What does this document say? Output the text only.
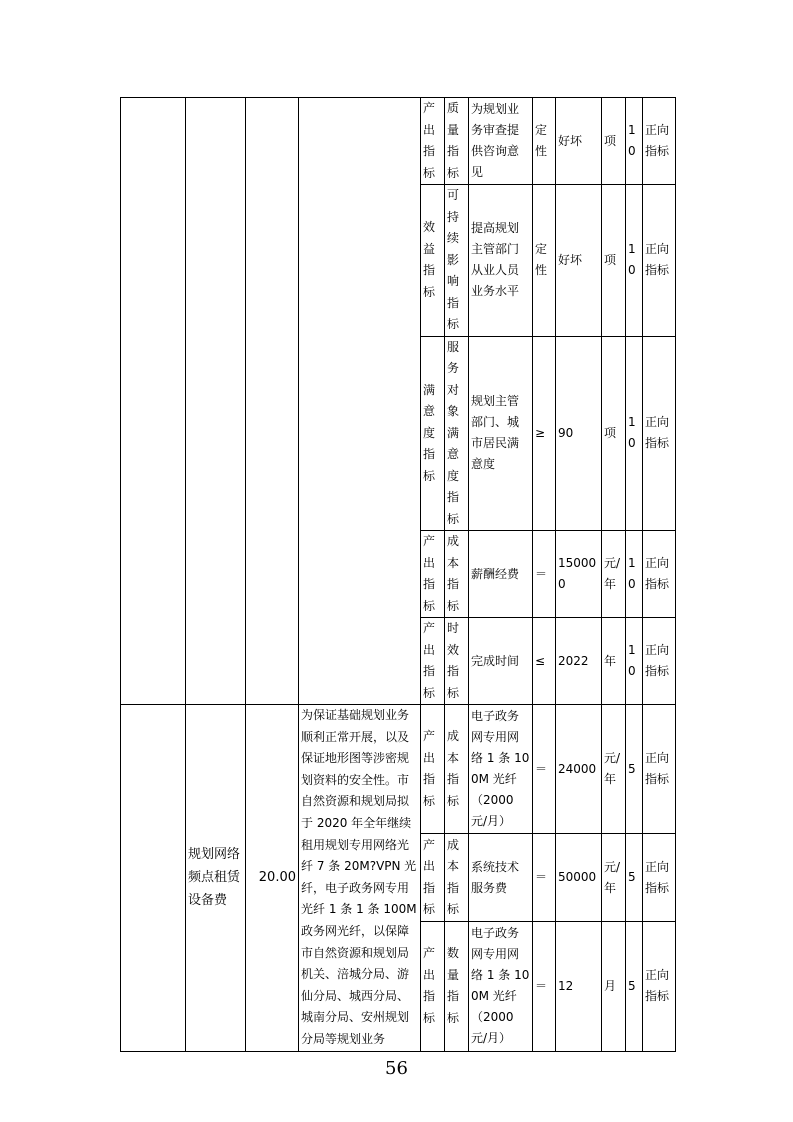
				产出指标	质量指标	为规划业务审查提供咨询意见	定性	好坏	项	10	正向指标

				效益指标	可持续影响指标	提高规划主管部门从业人员业务水平	定性	好坏	项	10	正向指标

				满意度指标	服务对象满意度指标	规划主管部门、城市居民满意度	≥	90	项	10	正向指标

				产出指标	成本指标	薪酬经费	＝	150000	元/年	10	正向指标

				产出指标	时效指标	完成时间	≤	2022	年	10	正向指标
	规划网络频点租赁设备费	20.00	为保证基础规划业务顺利正常开展，以及保证地形图等涉密规划资料的安全性。市自然资源和规划局拟于 2020 年全年继续租用规划专用网络光纤 7 条 20M?VPN 光纤，电子政务网专用光纤 1 条 1 条 100M 政务网光纤，以保障市自然资源和规划局机关、涪城分局、游仙分局、城西分局、城南分局、安州规划分局等规划业务	产出指标	成本指标	电子政务网专用网络 1 条 100M 光纤（2000 元/月）	＝	24000	元/年	5	正向指标

				产出指标	成本指标	系统技术服务费	＝	50000	元/年	5	正向指标

				产出指标	数量指标	电子政务网专用网络 1 条 100M 光纤（2000 元/月）	＝	12	月	5	正向指标
56
